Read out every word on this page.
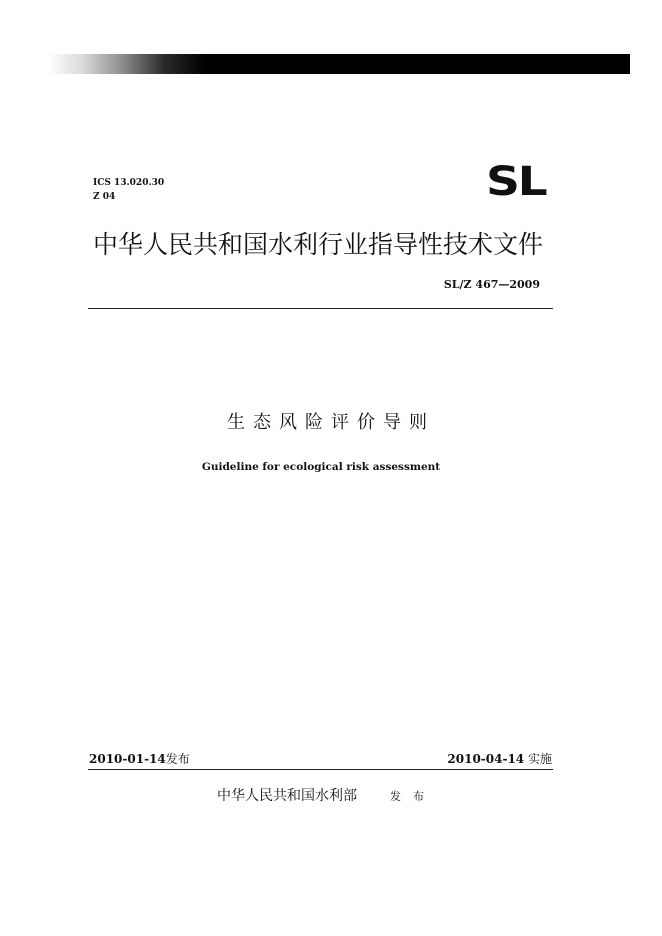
ICS 13.020.30
Z 04	SL
中华人民共和国水利行业指导性技术文件
SL/Z 467—2009
生态风险评价导则
Guideline for ecological risk assessment
2010-01-14发布	2010-04-14 实施
中华人民共和国水利部	发布
